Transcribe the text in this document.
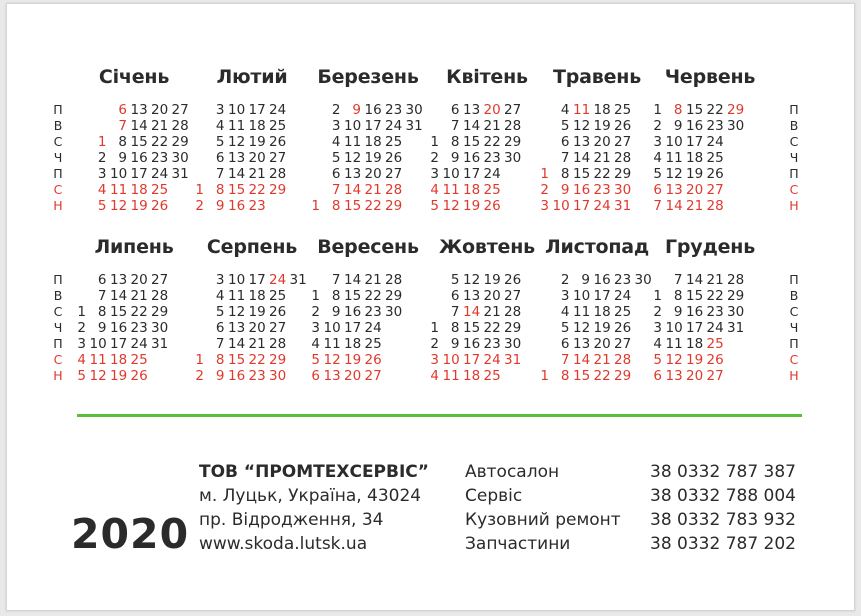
Січень
1
2
3
4
5
6
7
8
9
10
11
12
13
14
15
16
17
18
19
20
21
22
23
24
25
26
27
28
29
30
31
Лютий
1
2
3
4
5
6
7
8
9
10
11
12
13
14
15
16
17
18
19
20
21
22
23
24
25
26
27
28
29
Березень
1
2
3
4
5
6
7
8
9
10
11
12
13
14
15
16
17
18
19
20
21
22
23
24
25
26
27
28
29
30
31
Квітень
1
2
3
4
5
6
7
8
9
10
11
12
13
14
15
16
17
18
19
20
21
22
23
24
25
26
27
28
29
30
Травень
1
2
3
4
5
6
7
8
9
10
11
12
13
14
15
16
17
18
19
20
21
22
23
24
25
26
27
28
29
30
31
Червень
1
2
3
4
5
6
7
8
9
10
11
12
13
14
15
16
17
18
19
20
21
22
23
24
25
26
27
28
29
30
Липень
1
2
3
4
5
6
7
8
9
10
11
12
13
14
15
16
17
18
19
20
21
22
23
24
25
26
27
28
29
30
31
Серпень
1
2
3
4
5
6
7
8
9
10
11
12
13
14
15
16
17
18
19
20
21
22
23
24
25
26
27
28
29
30
31
Вересень
1
2
3
4
5
6
7
8
9
10
11
12
13
14
15
16
17
18
19
20
21
22
23
24
25
26
27
28
29
30
Жовтень
1
2
3
4
5
6
7
8
9
10
11
12
13
14
15
16
17
18
19
20
21
22
23
24
25
26
27
28
29
30
31
Листопад
1
2
3
4
5
6
7
8
9
10
11
12
13
14
15
16
17
18
19
20
21
22
23
24
25
26
27
28
29
30
Грудень
1
2
3
4
5
6
7
8
9
10
11
12
13
14
15
16
17
18
19
20
21
22
23
24
25
26
27
28
29
30
31
П
В
С
Ч
П
С
Н
П
В
С
Ч
П
С
Н
П
В
С
Ч
П
С
Н
П
В
С
Ч
П
С
Н
2020
ТОВ “ПРОМТЕХСЕРВІС”
м. Луцьк, Україна, 43024
пр. Відродження, 34
www.skoda.lutsk.ua
Автосалон
Сервіс
Кузовний ремонт
Запчастини
38 0332 787 387
38 0332 788 004
38 0332 783 932
38 0332 787 202
